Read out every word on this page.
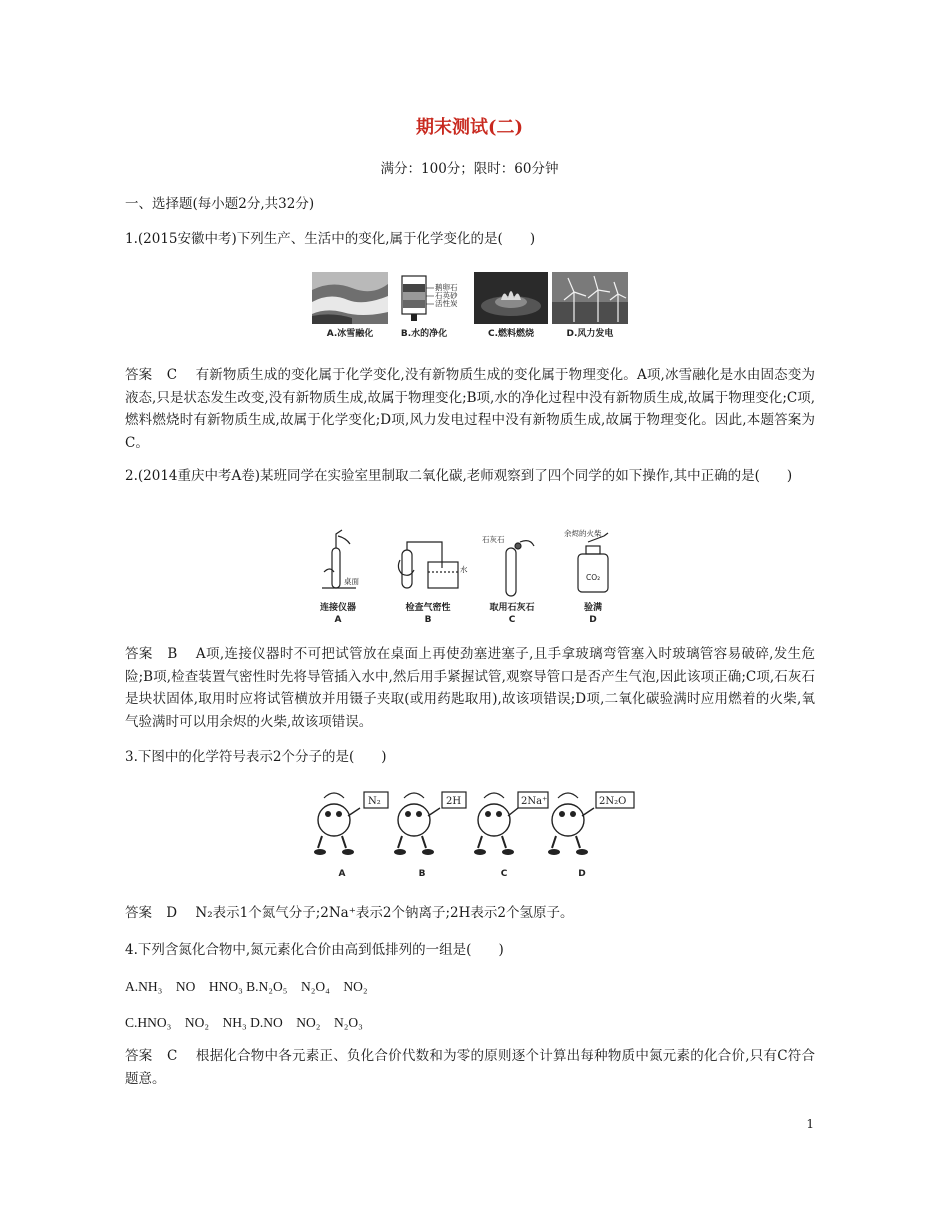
期末测试(二)
满分：100分；限时：60分钟
一、选择题(每小题2分,共32分)
1.(2015安徽中考)下列生产、生活中的变化,属于化学变化的是(　　)
A.冰雪融化
鹅卵石
石英砂
活性炭
B.水的净化	C.燃料燃烧	D.风力发电
答案 C 有新物质生成的变化属于化学变化,没有新物质生成的变化属于物理变化。A项,冰雪融化是水由固态变为液态,只是状态发生改变,没有新物质生成,故属于物理变化;B项,水的净化过程中没有新物质生成,故属于物理变化;C项,燃料燃烧时有新物质生成,故属于化学变化;D项,风力发电过程中没有新物质生成,故属于物理变化。因此,本题答案为C。
2.(2014重庆中考A卷)某班同学在实验室里制取二氧化碳,老师观察到了四个同学的如下操作,其中正确的是(　　)
桌面
水
石灰石
余烬的火柴
CO₂
连接仪器
A
检查气密性
B
取用石灰石
C
验满
D
答案 B A项,连接仪器时不可把试管放在桌面上再使劲塞进塞子,且手拿玻璃弯管塞入时玻璃管容易破碎,发生危险;B项,检查装置气密性时先将导管插入水中,然后用手紧握试管,观察导管口是否产生气泡,因此该项正确;C项,石灰石是块状固体,取用时应将试管横放并用镊子夹取(或用药匙取用),故该项错误;D项,二氧化碳验满时应用燃着的火柴,氧气验满时可以用余烬的火柴,故该项错误。
3.下图中的化学符号表示2个分子的是(　　)
N₂
A
2H
B
2Na⁺
C
2N₂O
D
答案 D N₂表示1个氮气分子;2Na⁺表示2个钠离子;2H表示2个氢原子。
4.下列含氮化合物中,氮元素化合价由高到低排列的一组是(　　)
A.NH₃　NO　HNO₃ B.N₂O₅　N₂O₄　NO₂
C.HNO₃　NO₂　NH₃ D.NO　NO₂　N₂O₃
答案 C 根据化合物中各元素正、负化合价代数和为零的原则逐个计算出每种物质中氮元素的化合价,只有C符合题意。
1
